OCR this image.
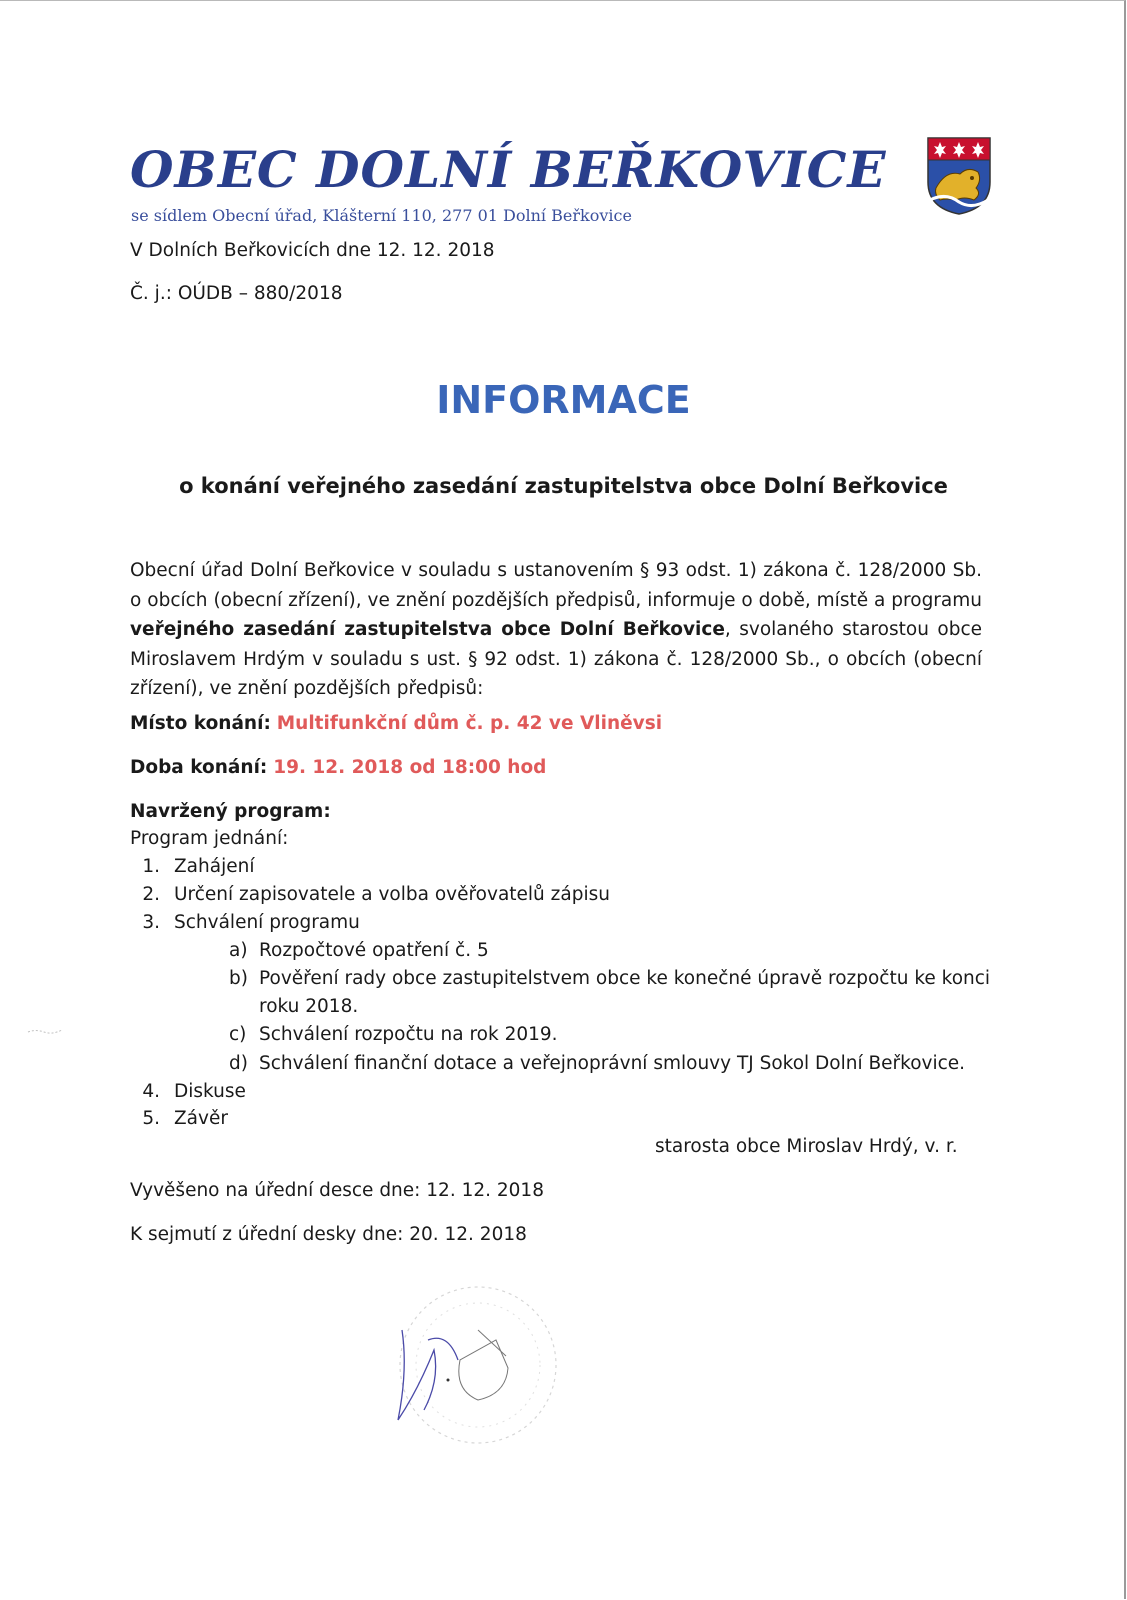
OBEC DOLNÍ BEŘKOVICE
se sídlem Obecní úřad, Klášterní 110, 277 01 Dolní Beřkovice
V Dolních Beřkovicích dne 12. 12. 2018
Č. j.: OÚDB – 880/2018
INFORMACE
o konání veřejného zasedání zastupitelstva obce Dolní Beřkovice

Obecní úřad Dolní Beřkovice v souladu s ustanovením § 93 odst. 1) zákona č. 128/2000 Sb. o obcích (obecní zřízení), ve znění pozdějších předpisů, informuje o době, místě a programu veřejného zasedání zastupitelstva obce Dolní Beřkovice, svolaného starostou obce Miroslavem Hrdým v souladu s ust. § 92 odst. 1) zákona č. 128/2000 Sb., o obcích (obecní zřízení), ve znění pozdějších předpisů:

Místo konání: Multifunkční dům č. p. 42 ve Vliněvsi
Doba konání: 19. 12. 2018 od 18:00 hod
Navržený program:
Program jednání:
1. Zahájení
2. Určení zapisovatele a volba ověřovatelů zápisu
3. Schválení programu
a) Rozpočtové opatření č. 5
b) Pověření rady obce zastupitelstvem obce ke konečné úpravě rozpočtu ke konci
roku 2018.
c) Schválení rozpočtu na rok 2019.
d) Schválení finanční dotace a veřejnoprávní smlouvy TJ Sokol Dolní Beřkovice.
4. Diskuse
5. Závěr
starosta obce Miroslav Hrdý, v. r.
Vyvěšeno na úřední desce dne: 12. 12. 2018
K sejmutí z úřední desky dne: 20. 12. 2018
